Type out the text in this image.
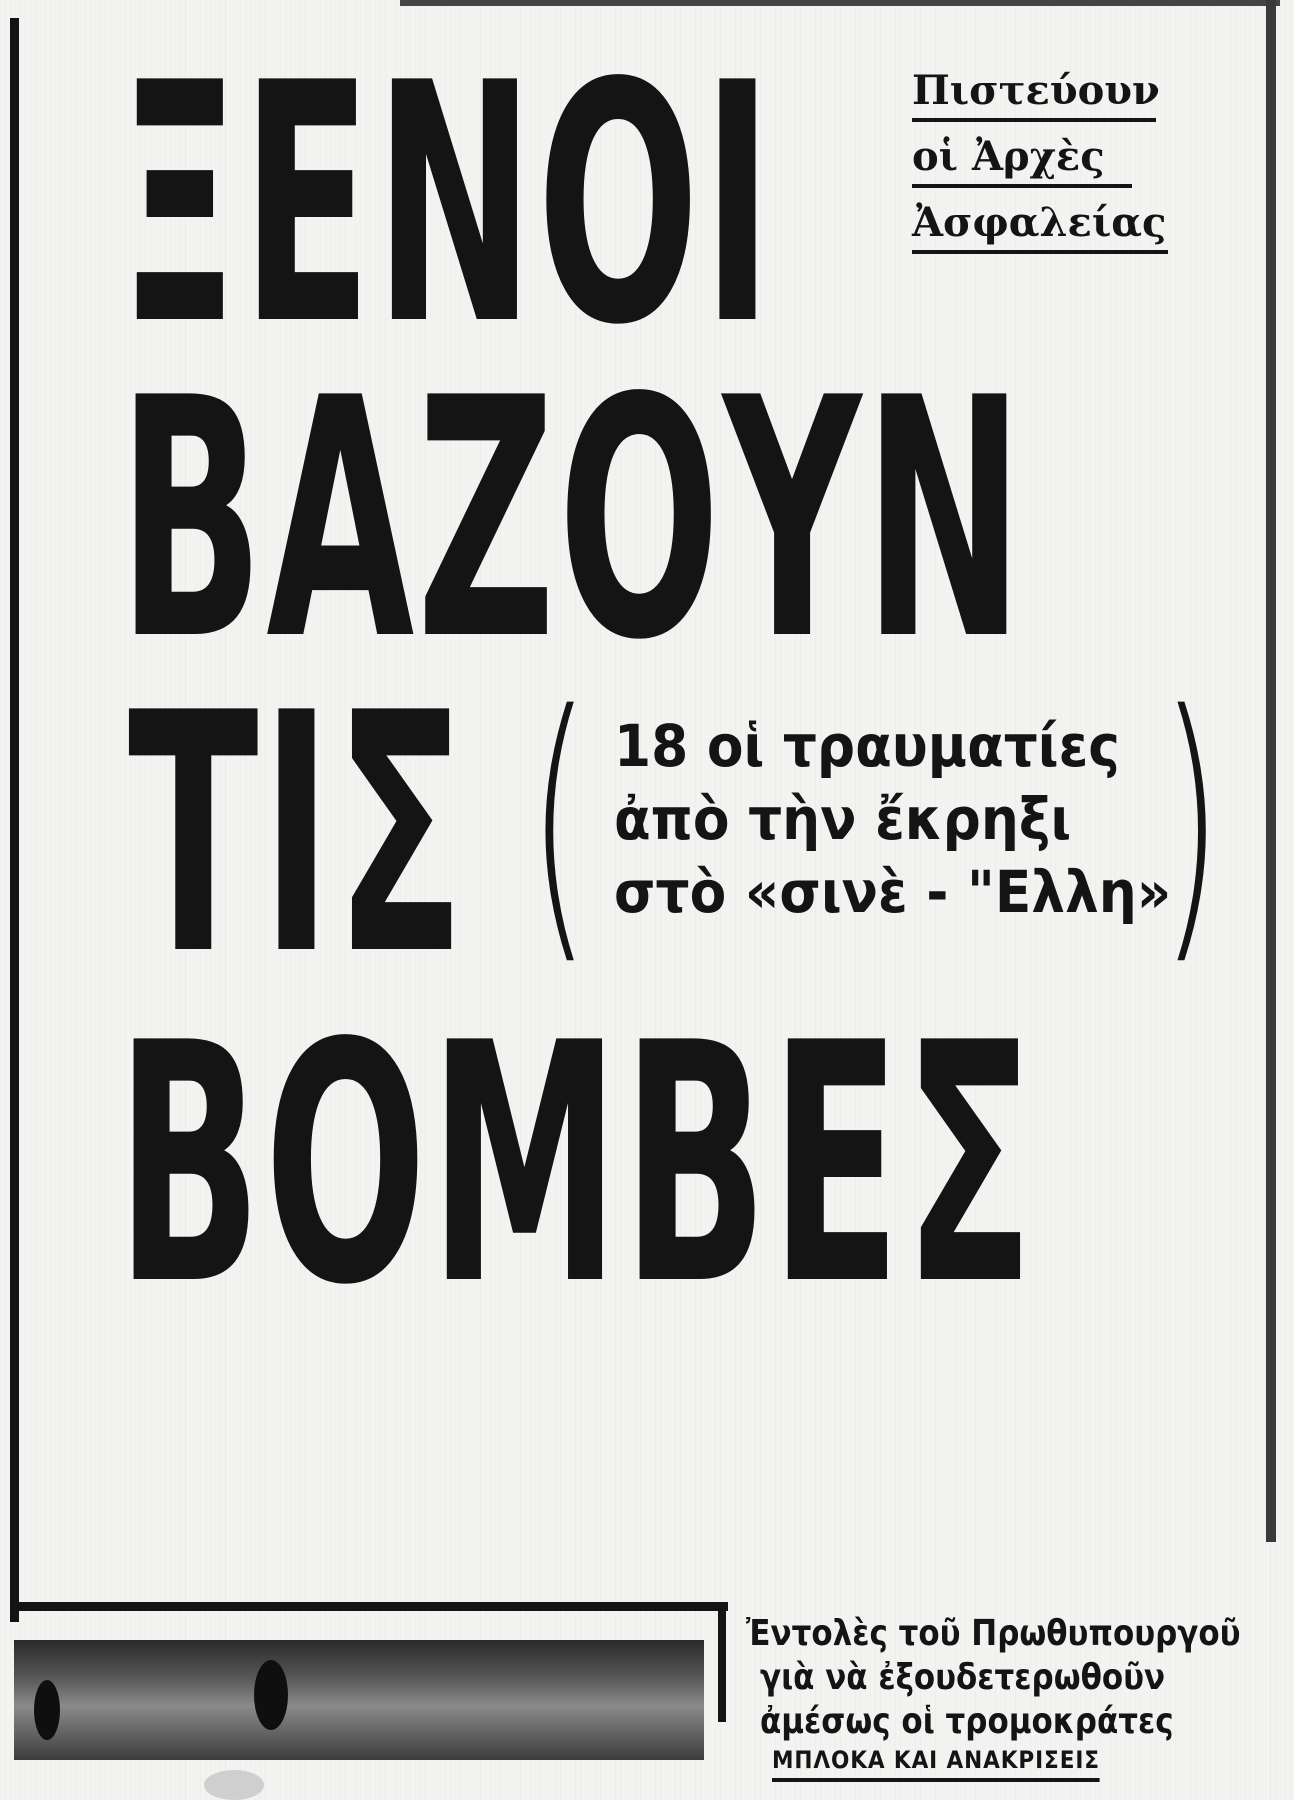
ΞΕΝΟΙ
ΒΑΖΟΥΝ
ΤΙΣ
ΒΟΜΒΕΣ
Πιστεύουν
οἱ Ἀρχὲς
Ἀσφαλείας
( 18 οἱ τραυματίες
ἀπὸ τὴν ἔκρηξι
στὸ «σινὲ - "Ελλη»
)
Ἐντολὲς τοῦ Πρωθυπουργοῦ
γιὰ νὰ ἐξουδετερωθοῦν
ἀμέσως οἱ τρομοκράτες
ΜΠΛΟΚΑ ΚΑΙ ΑΝΑΚΡΙΣΕΙΣ
